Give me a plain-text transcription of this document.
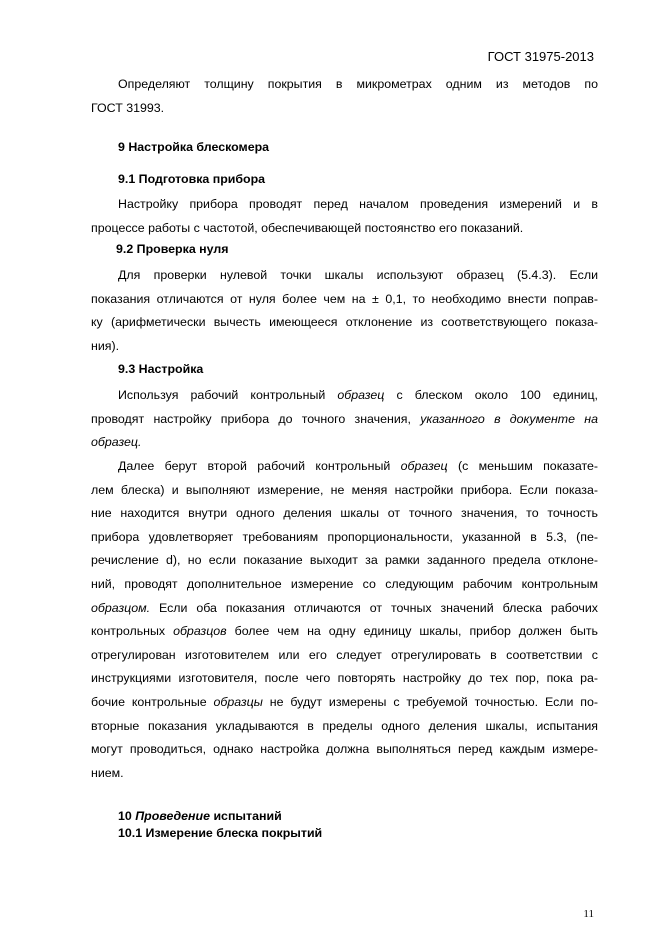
ГОСТ 31975-2013
Определяют толщину покрытия в микрометрах одним из методов по
ГОСТ 31993.
9 Настройка блескомера
9.1 Подготовка прибора
Настройку прибора проводят перед началом проведения измерений и в
процессе работы с частотой, обеспечивающей постоянство его показаний.
9.2 Проверка нуля
Для проверки нулевой точки шкалы используют образец (5.4.3). Если
показания отличаются от нуля более чем на ± 0,1, то необходимо внести поправ-
ку (арифметически вычесть имеющееся отклонение из соответствующего показа-
ния).
9.3 Настройка
Используя рабочий контрольный образец с блеском около 100 единиц,
проводят настройку прибора до точного значения, указанного в документе на
образец.
Далее берут второй рабочий контрольный образец (с меньшим показате-
лем блеска) и выполняют измерение, не меняя настройки прибора. Если показа-
ние находится внутри одного деления шкалы от точного значения, то точность
прибора удовлетворяет требованиям пропорциональности, указанной в 5.3, (пе-
речисление d), но если показание выходит за рамки заданного предела отклоне-
ний, проводят дополнительное измерение со следующим рабочим контрольным
образцом. Если оба показания отличаются от точных значений блеска рабочих
контрольных образцов более чем на одну единицу шкалы, прибор должен быть
отрегулирован изготовителем или его следует отрегулировать в соответствии с
инструкциями изготовителя, после чего повторять настройку до тех пор, пока ра-
бочие контрольные образцы не будут измерены с требуемой точностью. Если по-
вторные показания укладываются в пределы одного деления шкалы, испытания
могут проводиться, однако настройка должна выполняться перед каждым измере-
нием.
10 Проведение испытаний
10.1 Измерение блеска покрытий
11
